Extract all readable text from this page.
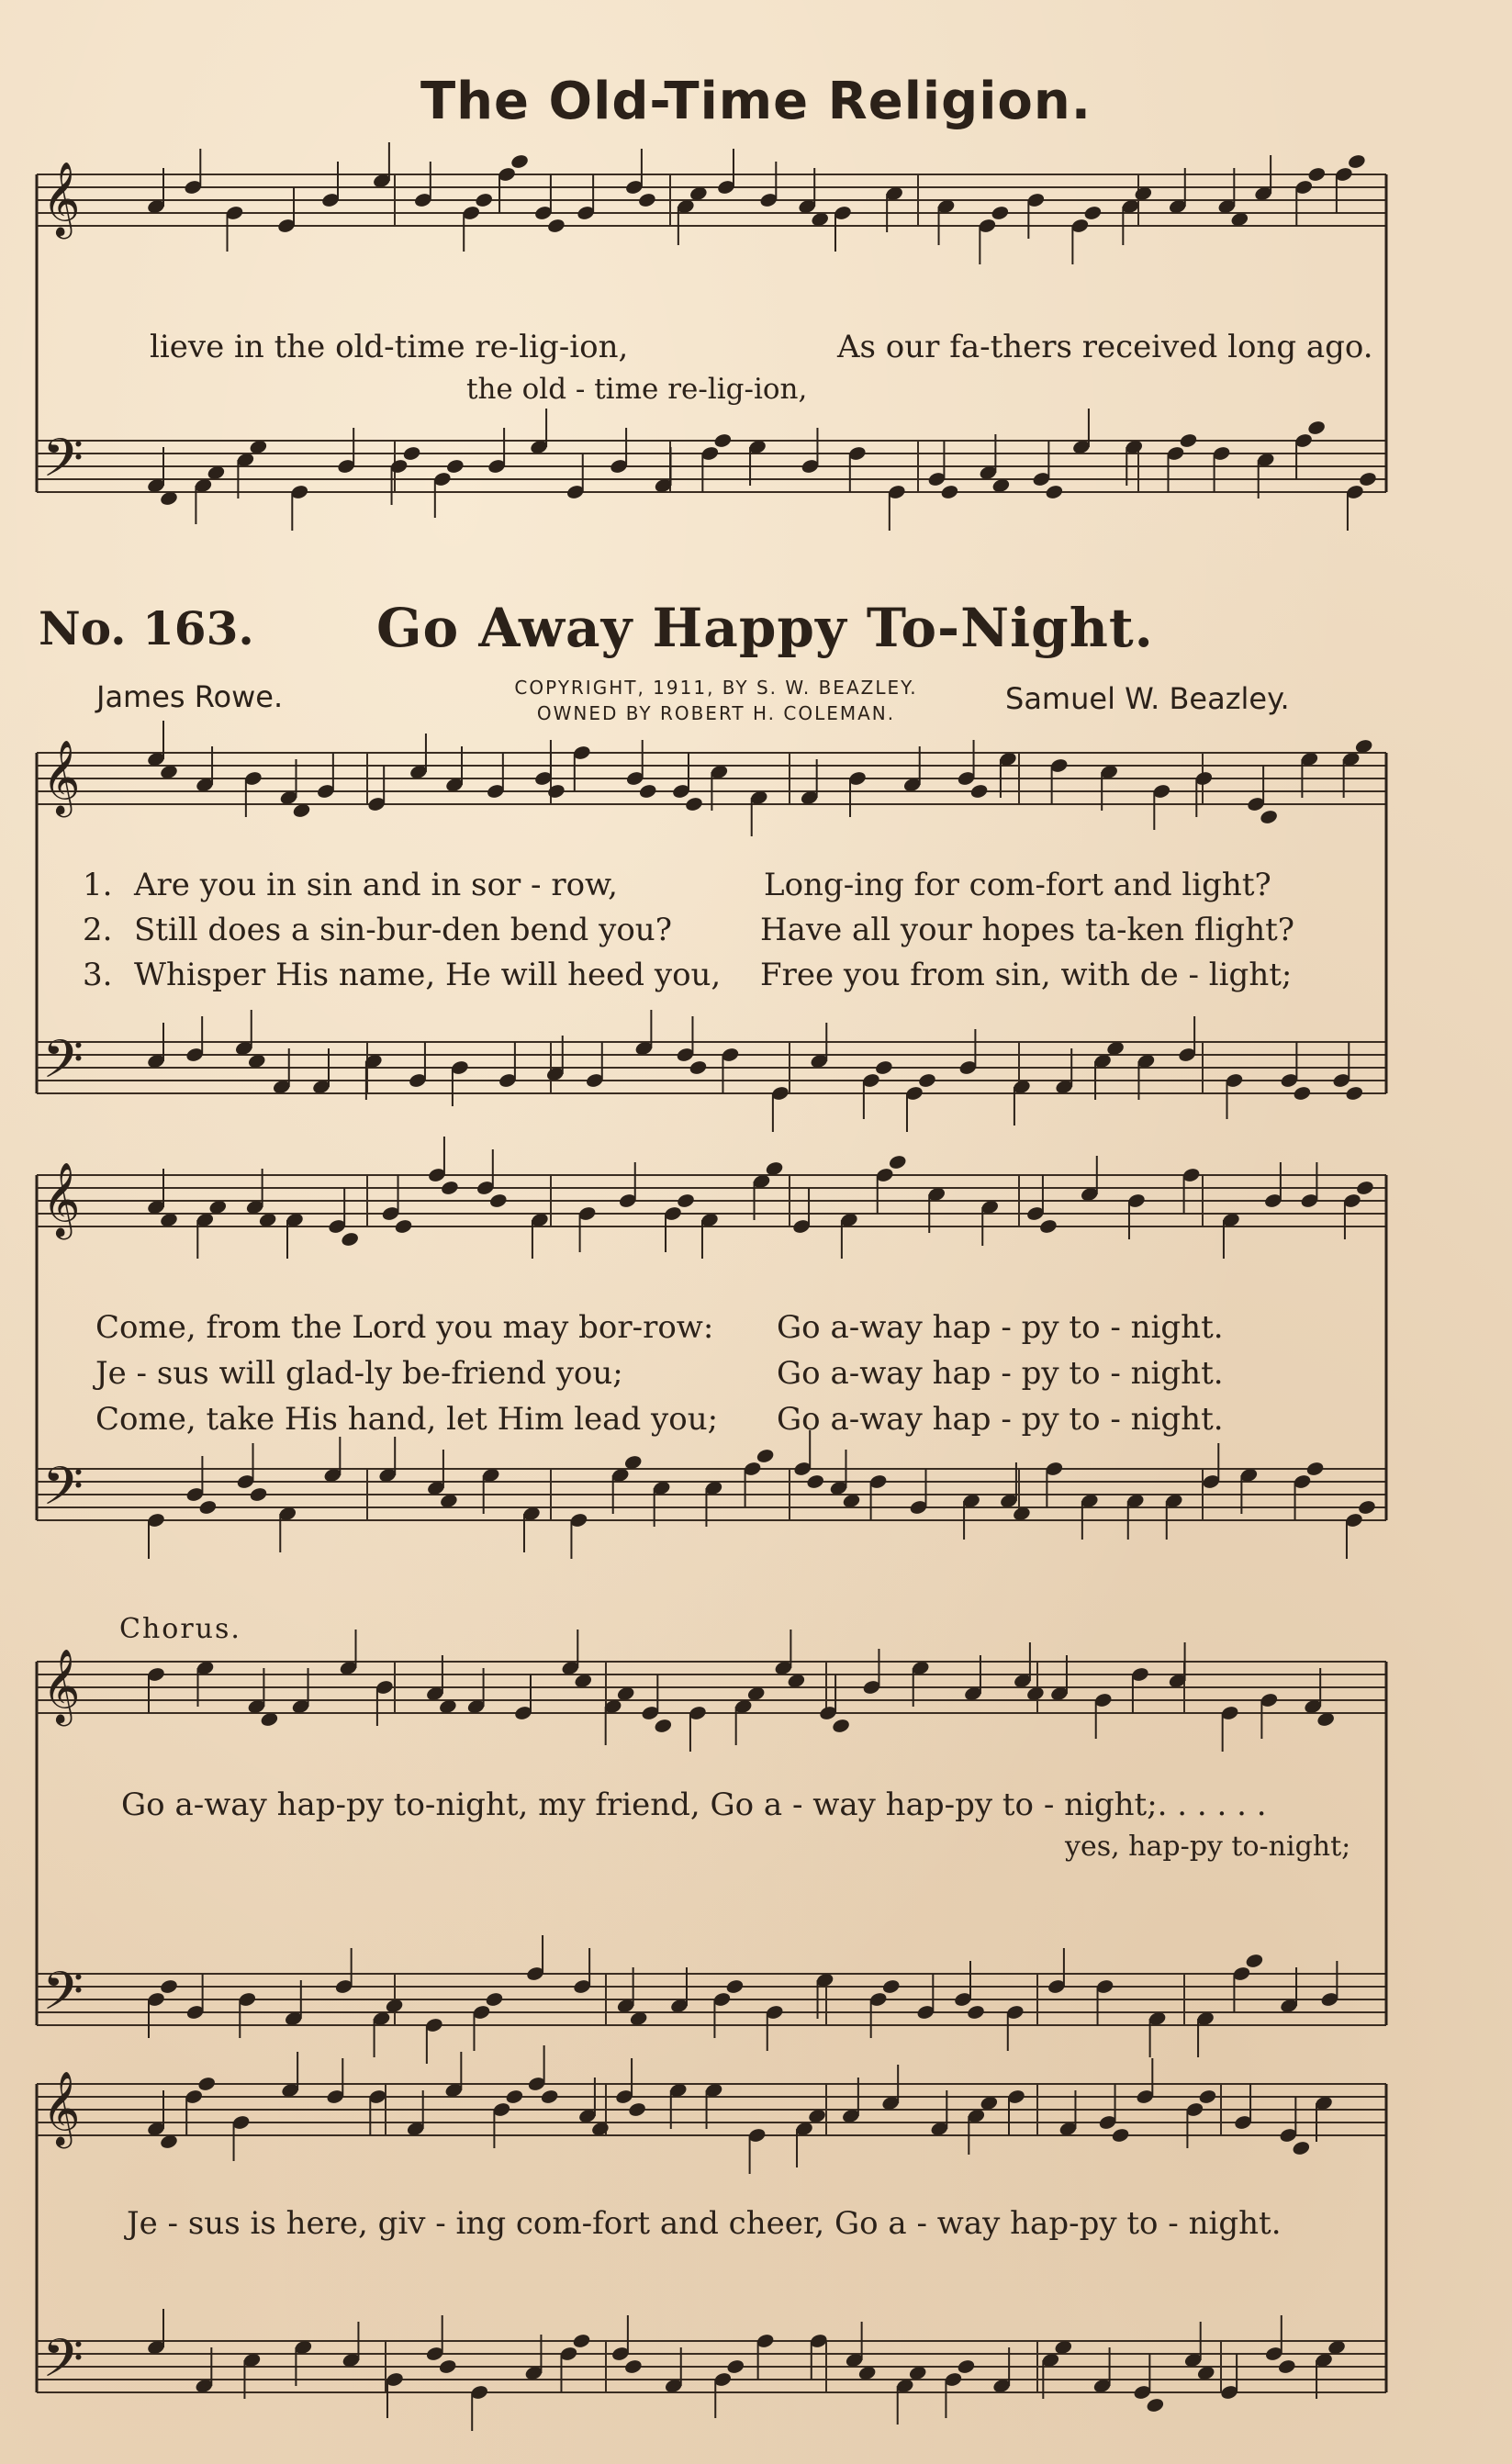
𝄞
𝄢
𝄞
𝄢
𝄞
𝄢
𝄞
𝄢
𝄞
𝄢
The Old-Time Religion.
lieve in the old-time re-lig-ion,	As our fa-thers received long ago.
the old - time re-lig-ion,
No. 163. Go Away Happy To-Night.
James Rowe.	COPYRIGHT, 1911, BY S. W. BEAZLEY.
OWNED BY ROBERT H. COLEMAN.	Samuel W. Beazley.
1. Are you in sin and in sor - row,	Long-ing for com-fort and light?
2. Still does a sin-bur-den bend you?	Have all your hopes ta-ken flight?
3. Whisper His name, He will heed you, Free you from sin, with de - light;
Come, from the Lord you may bor-row: Go a-way hap - py to - night.
Je - sus will glad-ly be-friend you;	Go a-way hap - py to - night.
Come, take His hand, let Him lead you; Go a-way hap - py to - night.
Chorus.
Go a-way hap-py to-night, my friend, Go a - way hap-py to - night;. . . . . .
yes, hap-py to-night;
Je - sus is here, giv - ing com-fort and cheer, Go a - way hap-py to - night.
